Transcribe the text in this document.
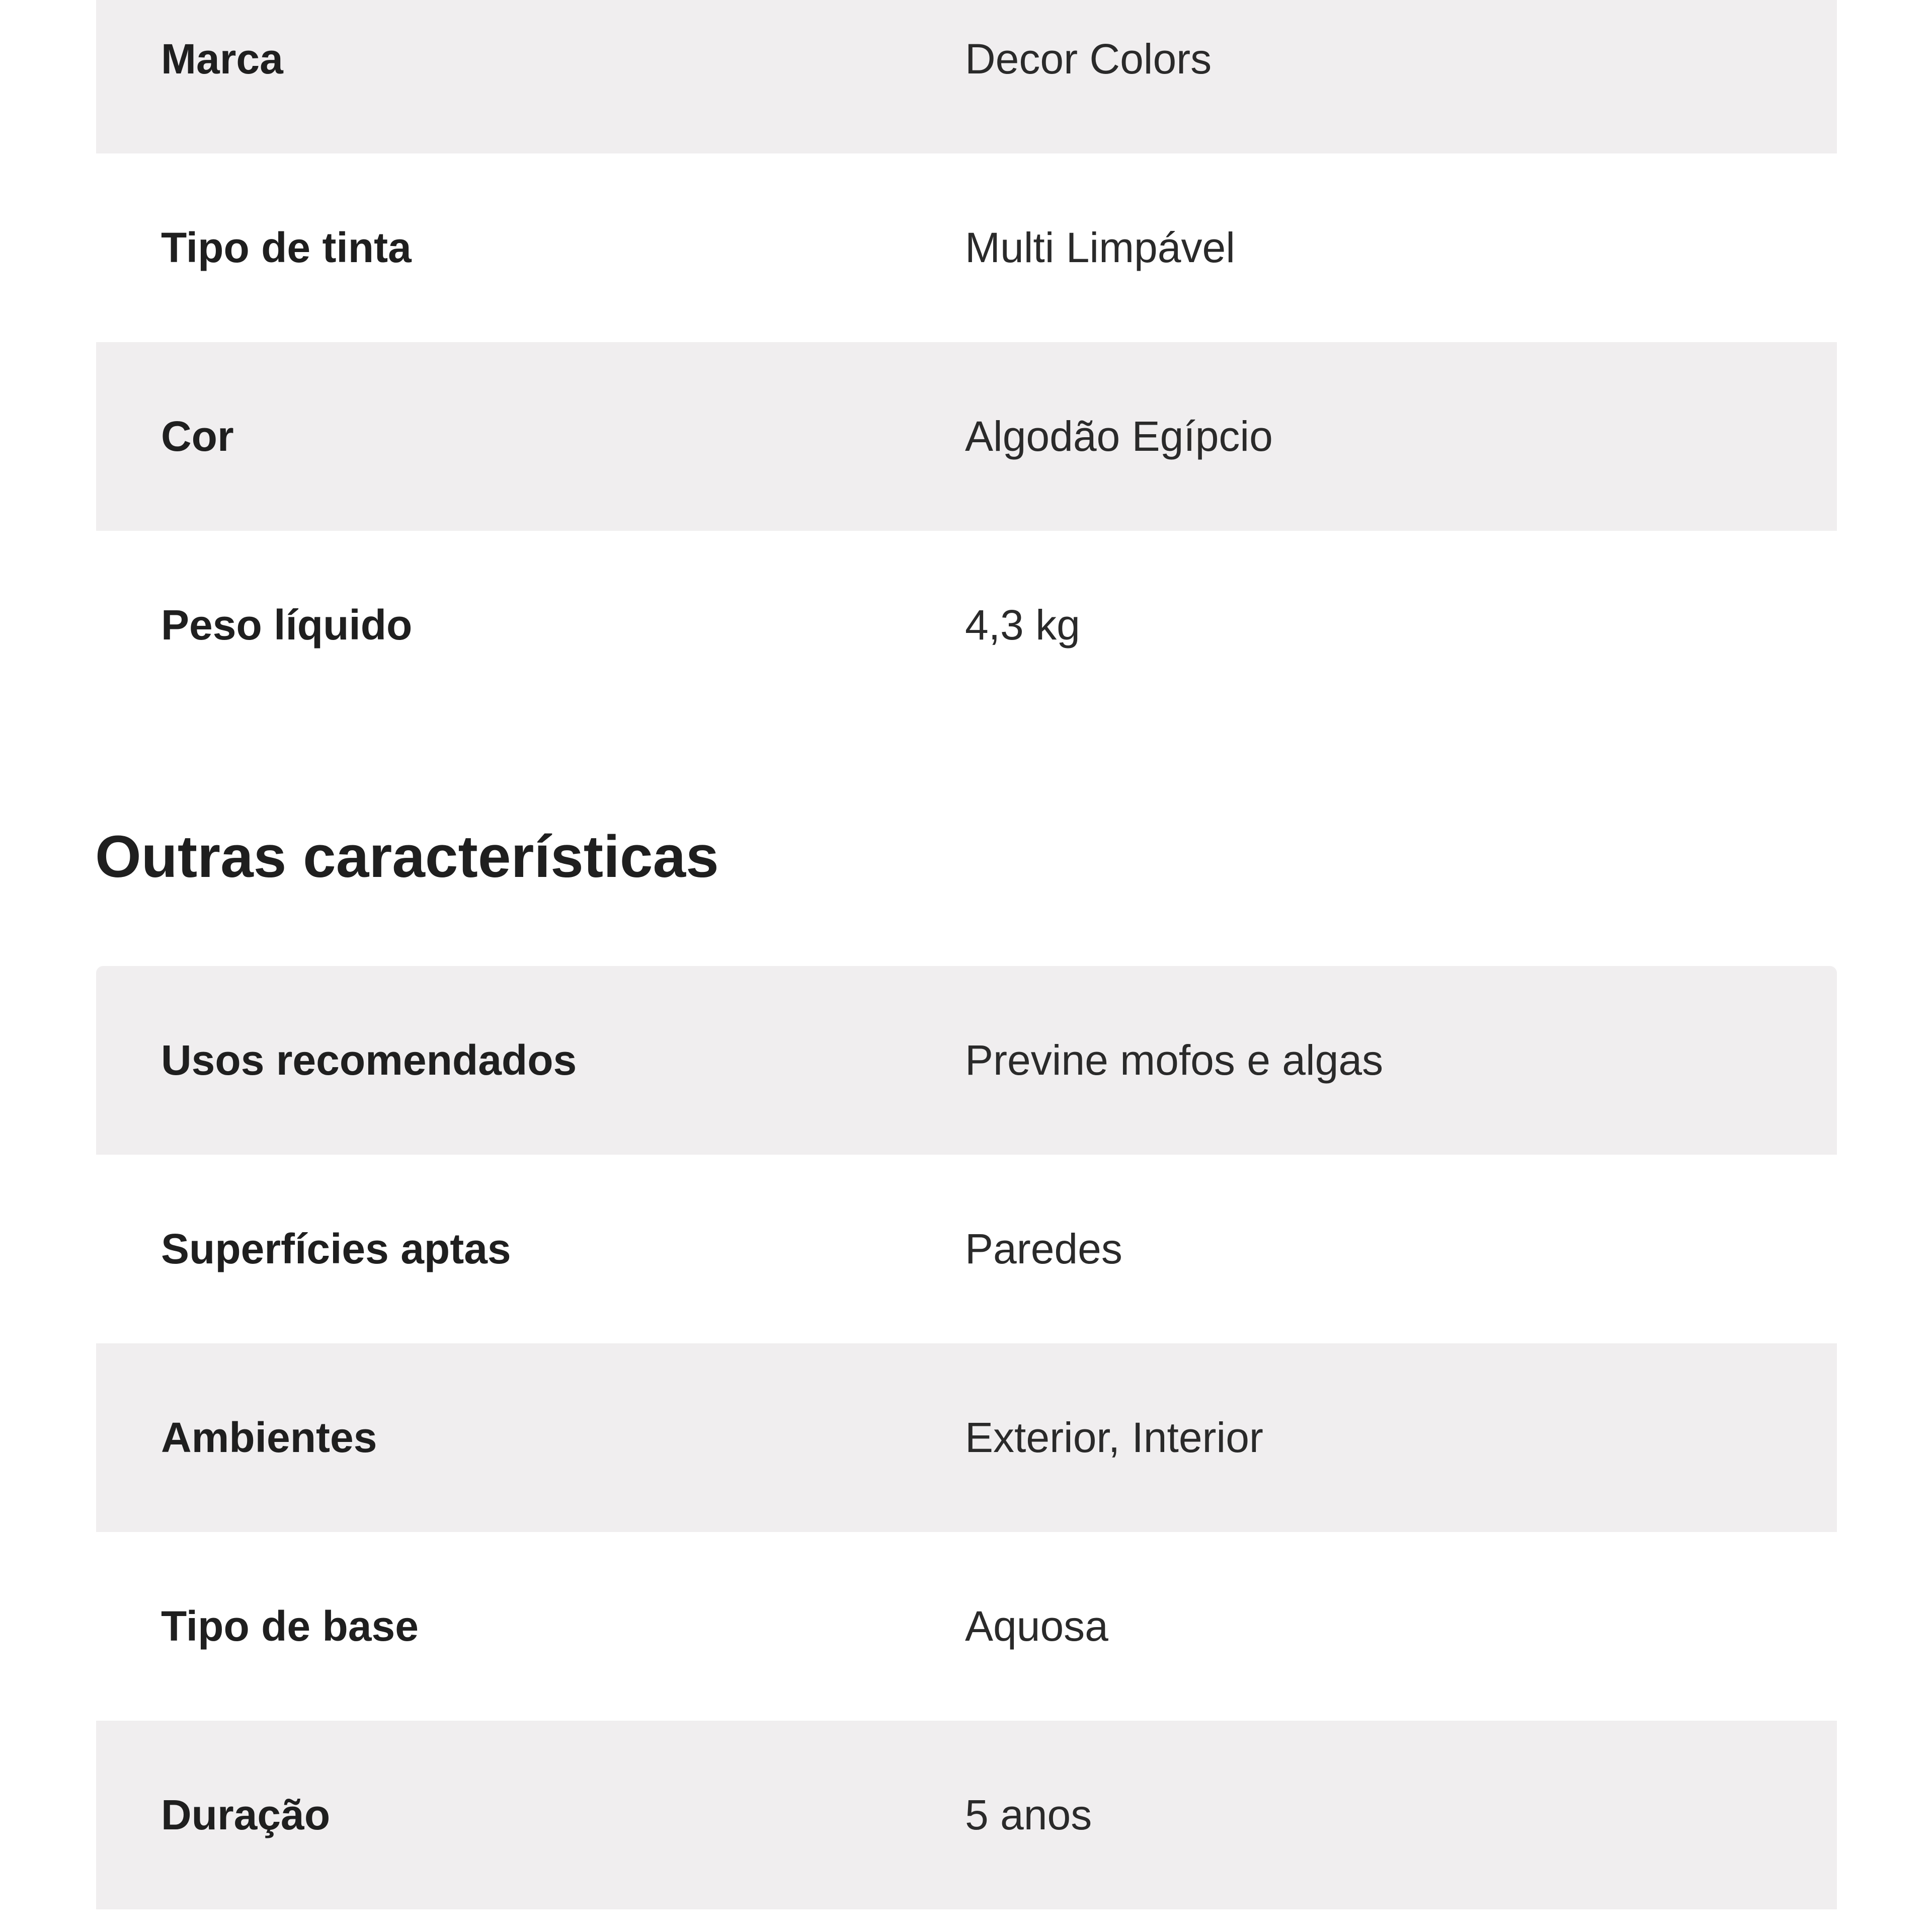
Marca	Decor Colors
Tipo de tinta	Multi Limpável
Cor	Algodão Egípcio
Peso líquido	4,3 kg
Outras características
Usos recomendados	Previne mofos e algas
Superfícies aptas	Paredes
Ambientes	Exterior, Interior
Tipo de base	Aquosa
Duração	5 anos
